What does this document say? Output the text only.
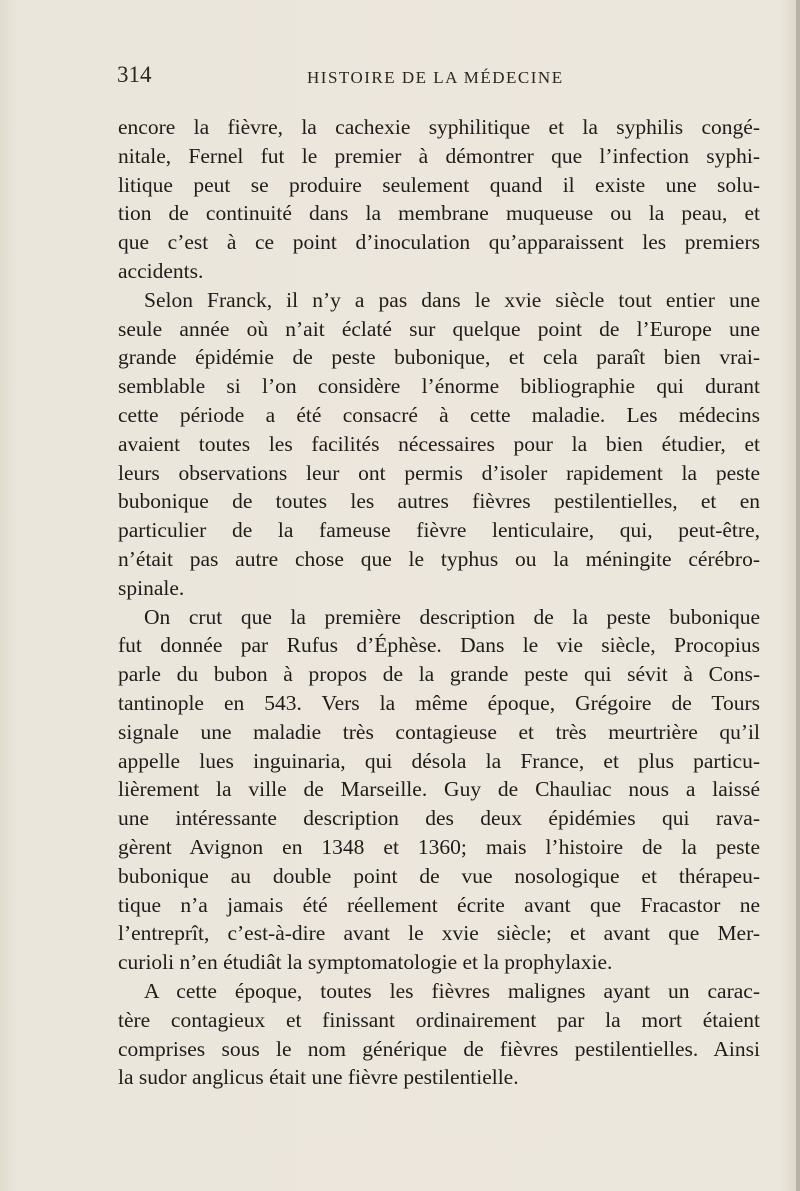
314	HISTOIRE DE LA MÉDECINE
encore la fièvre, la cachexie syphilitique et la syphilis congé-
nitale, Fernel fut le premier à démontrer que l’infection syphi-
litique peut se produire seulement quand il existe une solu-
tion de continuité dans la membrane muqueuse ou la peau, et
que c’est à ce point d’inoculation qu’apparaissent les premiers
accidents.
Selon Franck, il n’y a pas dans le xvie siècle tout entier une
seule année où n’ait éclaté sur quelque point de l’Europe une
grande épidémie de peste bubonique, et cela paraît bien vrai-
semblable si l’on considère l’énorme bibliographie qui durant
cette période a été consacré à cette maladie. Les médecins
avaient toutes les facilités nécessaires pour la bien étudier, et
leurs observations leur ont permis d’isoler rapidement la peste
bubonique de toutes les autres fièvres pestilentielles, et en
particulier de la fameuse fièvre lenticulaire, qui, peut-être,
n’était pas autre chose que le typhus ou la méningite cérébro-
spinale.
On crut que la première description de la peste bubonique
fut donnée par Rufus d’Éphèse. Dans le vie siècle, Procopius
parle du bubon à propos de la grande peste qui sévit à Cons-
tantinople en 543. Vers la même époque, Grégoire de Tours
signale une maladie très contagieuse et très meurtrière qu’il
appelle lues inguinaria, qui désola la France, et plus particu-
lièrement la ville de Marseille. Guy de Chauliac nous a laissé
une intéressante description des deux épidémies qui rava-
gèrent Avignon en 1348 et 1360; mais l’histoire de la peste
bubonique au double point de vue nosologique et thérapeu-
tique n’a jamais été réellement écrite avant que Fracastor ne
l’entreprît, c’est-à-dire avant le xvie siècle; et avant que Mer-
curioli n’en étudiât la symptomatologie et la prophylaxie.
A cette époque, toutes les fièvres malignes ayant un carac-
tère contagieux et finissant ordinairement par la mort étaient
comprises sous le nom générique de fièvres pestilentielles. Ainsi
la sudor anglicus était une fièvre pestilentielle.
